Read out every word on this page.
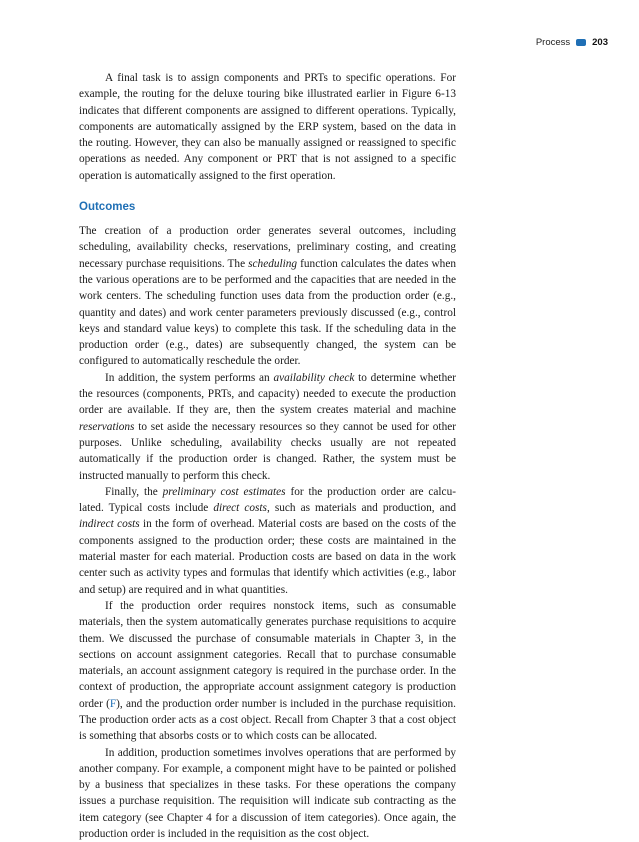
Process 203

A final task is to assign components and PRTs to specific operations. For example, the routing for the deluxe touring bike illustrated earlier in Figure 6-13 indicates that different components are assigned to different operations. Typically, components are automatically assigned by the ERP system, based on the data in the routing. However, they can also be manually assigned or reassigned to specific operations as needed. Any component or PRT that is not assigned to a specific operation is automatically assigned to the first operation.

Outcomes

The creation of a production order generates several outcomes, including scheduling, availability checks, reservations, preliminary costing, and creating necessary purchase requisitions. The scheduling function calculates the dates when the various operations are to be performed and the capacities that are needed in the work centers. The scheduling function uses data from the production order (e.g., quantity and dates) and work center parameters previously discussed (e.g., control keys and standard value keys) to complete this task. If the scheduling data in the production order (e.g., dates) are subsequently changed, the system can be configured to automatically reschedule the order.

In addition, the system performs an availability check to determine whether the resources (components, PRTs, and capacity) needed to execute the production order are available. If they are, then the system creates material and machine reservations to set aside the necessary resources so they cannot be used for other purposes. Unlike scheduling, availability checks usually are not repeated automatically if the production order is changed. Rather, the system must be instructed manually to perform this check.

Finally, the preliminary cost estimates for the production order are calculated. Typical costs include direct costs, such as materials and production, and indirect costs in the form of overhead. Material costs are based on the costs of the components assigned to the production order; these costs are maintained in the material master for each material. Production costs are based on data in the work center such as activity types and formulas that identify which activities (e.g., labor and setup) are required and in what quantities.

If the production order requires nonstock items, such as consumable materials, then the system automatically generates purchase requisitions to acquire them. We discussed the purchase of consumable materials in Chapter 3, in the sections on account assignment categories. Recall that to purchase consumable materials, an account assignment category is required in the purchase order. In the context of production, the appropriate account assignment category is production order (F), and the production order number is included in the purchase requisition. The production order acts as a cost object. Recall from Chapter 3 that a cost object is something that absorbs costs or to which costs can be allocated.

In addition, production sometimes involves operations that are performed by another company. For example, a component might have to be painted or polished by a business that specializes in these tasks. For these operations the company issues a purchase requisition. The requisition will indicate sub contracting as the item category (see Chapter 4 for a discussion of item categories). Once again, the production order is included in the requisition as the cost object.
